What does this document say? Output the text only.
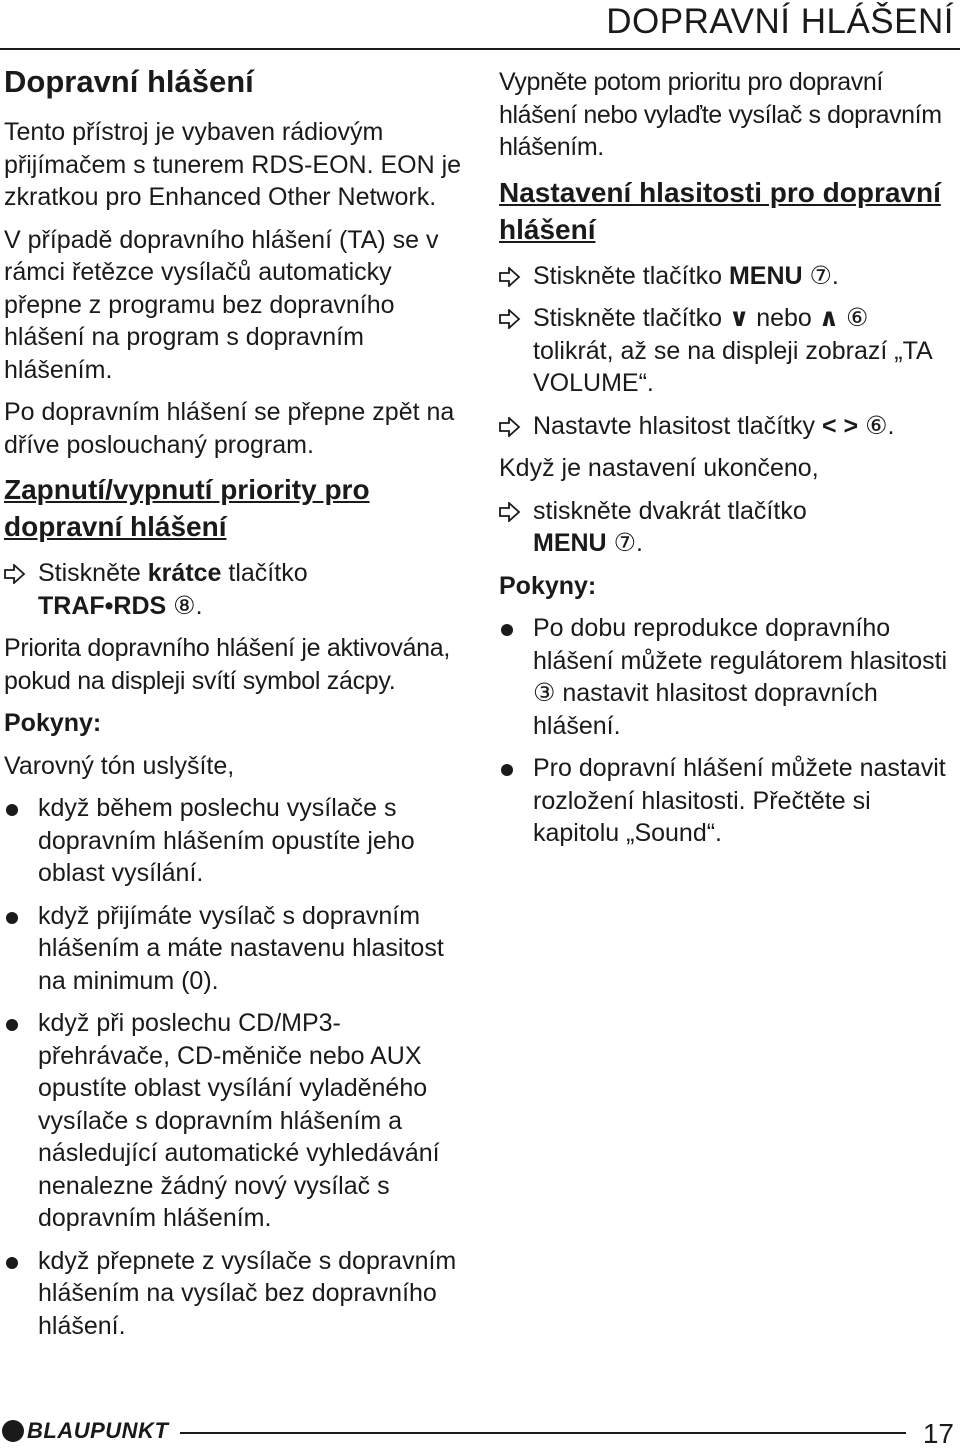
DOPRAVNÍ HLÁŠENÍ
Dopravní hlášení

Tento přístroj je vybaven rádiovým přijímačem s tunerem RDS-EON. EON je zkratkou pro Enhanced Other Network.

V případě dopravního hlášení (TA) se v rámci řetězce vysílačů automaticky přepne z programu bez dopravního hlášení na program s dopravním hlášením.

Po dopravním hlášení se přepne zpět na dříve poslouchaný program.

Zapnutí/vypnutí priority pro dopravní hlášení
Stiskněte krátce tlačítko
TRAF•RDS ⑧.

Priorita dopravního hlášení je aktivována, pokud na displeji svítí symbol zácpy.

Pokyny:

Varovný tón uslyšíte,

když během poslechu vysílače s dopravním hlášením opustíte jeho oblast vysílání.
když přijímáte vysílač s dopravním hlášením a máte nastavenu hlasitost na minimum (0).
když při poslechu CD/MP3-přehrávače, CD-měniče nebo AUX opustíte oblast vysílání vyladěného vysílače s dopravním hlášením a následující automatické vyhledávání nenalezne žádný nový vysílač s dopravním hlášením.
když přepnete z vysílače s dopravním hlášením na vysílač bez dopravního hlášení.

Vypněte potom prioritu pro dopravní hlášení nebo vylaďte vysílač s dopravním hlášením.

Nastavení hlasitosti pro dopravní hlášení
Stiskněte tlačítko MENU ⑦.
Stiskněte tlačítko ∨ nebo ∧ ⑥ tolikrát, až se na displeji zobrazí „TA VOLUME“.
Nastavte hlasitost tlačítky < > ⑥.

Když je nastavení ukončeno,

stiskněte dvakrát tlačítko
MENU ⑦.
Pokyny:
Po dobu reprodukce dopravního hlášení můžete regulátorem hlasitosti ③ nastavit hlasitost dopravních hlášení.
Pro dopravní hlášení můžete nastavit rozložení hlasitosti. Přečtěte si kapitolu „Sound“.
BLAUPUNKT	17
